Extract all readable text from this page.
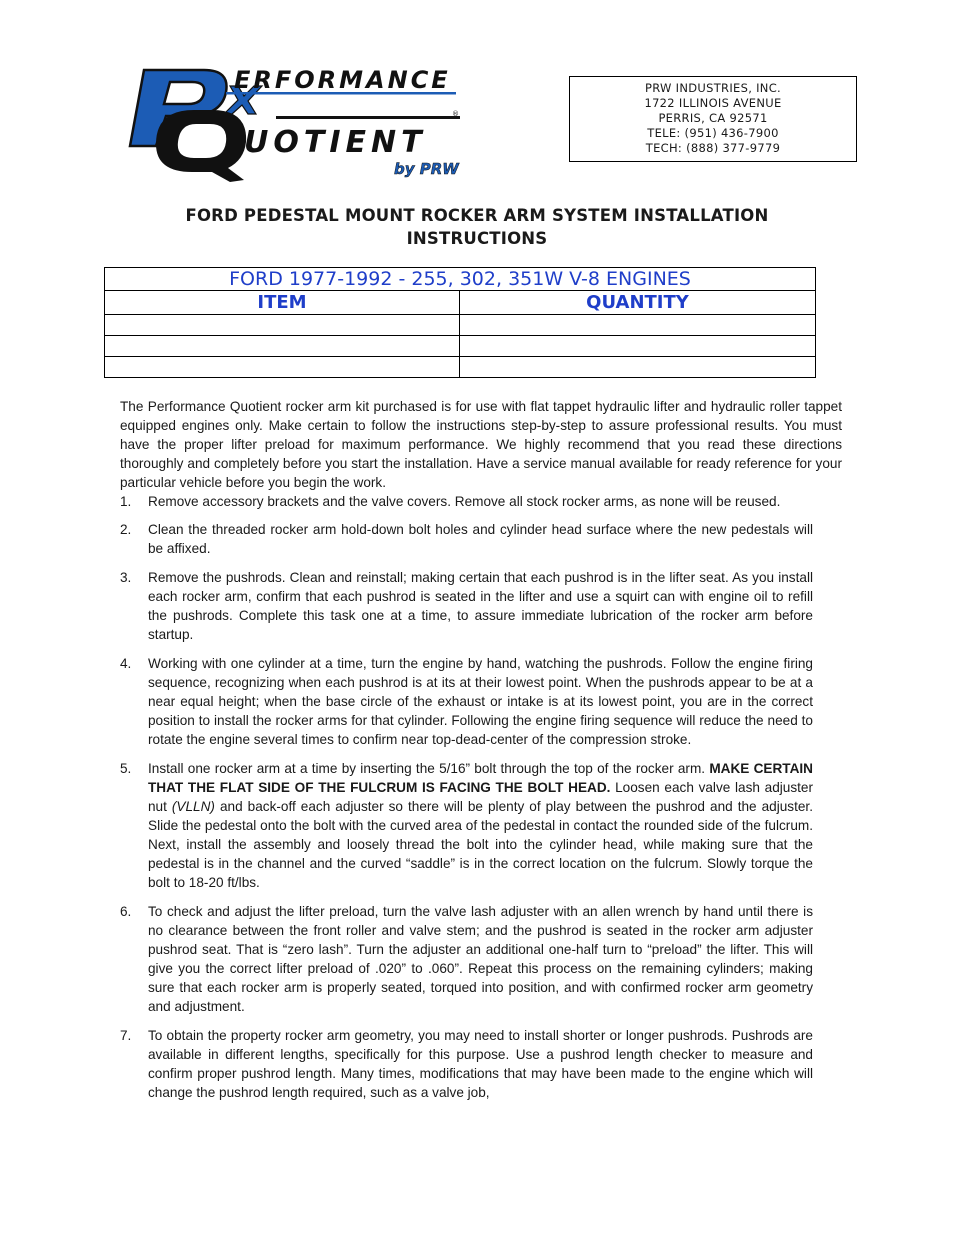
ERFORMANCE
UOTIENT
®
by PRW
PRW INDUSTRIES, INC.
1722 ILLINOIS AVENUE
PERRIS, CA 92571
TELE: (951) 436-7900
TECH: (888) 377-9779
FORD PEDESTAL MOUNT ROCKER ARM SYSTEM INSTALLATION
INSTRUCTIONS
FORD 1977-1992 - 255, 302, 351W V-8 ENGINES	
ITEM	QUANTITY

The Performance Quotient rocker arm kit purchased is for use with flat tappet hydraulic lifter and hydraulic roller tappet equipped engines only. Make certain to follow the instructions step-by-step to assure professional results. You must have the proper lifter preload for maximum performance. We highly recommend that you read these directions thoroughly and completely before you start the installation. Have a service manual available for ready reference for your particular vehicle before you begin the work.

1. Remove accessory brackets and the valve covers. Remove all stock rocker arms, as none will be reused.

2. Clean the threaded rocker arm hold-down bolt holes and cylinder head surface where the new pedestals will be affixed.

3. Remove the pushrods. Clean and reinstall; making certain that each pushrod is in the lifter seat. As you install each rocker arm, confirm that each pushrod is seated in the lifter and use a squirt can with engine oil to refill the pushrods. Complete this task one at a time, to assure immediate lubrication of the rocker arm before startup.

4. Working with one cylinder at a time, turn the engine by hand, watching the pushrods. Follow the engine firing sequence, recognizing when each pushrod is at its at their lowest point. When the pushrods appear to be at a near equal height; when the base circle of the exhaust or intake is at its lowest point, you are in the correct position to install the rocker arms for that cylinder. Following the engine firing sequence will reduce the need to rotate the engine several times to confirm near top-dead-center of the compression stroke.

5. Install one rocker arm at a time by inserting the 5/16” bolt through the top of the rocker arm. MAKE CERTAIN THAT THE FLAT SIDE OF THE FULCRUM IS FACING THE BOLT HEAD. Loosen each valve lash adjuster nut (VLLN) and back-off each adjuster so there will be plenty of play between the pushrod and the adjuster. Slide the pedestal onto the bolt with the curved area of the pedestal in contact the rounded side of the fulcrum. Next, install the assembly and loosely thread the bolt into the cylinder head, while making sure that the pedestal is in the channel and the curved “saddle” is in the correct location on the fulcrum. Slowly torque the bolt to 18-20 ft/lbs.

6. To check and adjust the lifter preload, turn the valve lash adjuster with an allen wrench by hand until there is no clearance between the front roller and valve stem; and the pushrod is seated in the rocker arm adjuster pushrod seat. That is “zero lash”. Turn the adjuster an additional one-half turn to “preload” the lifter. This will give you the correct lifter preload of .020” to .060”. Repeat this process on the remaining cylinders; making sure that each rocker arm is properly seated, torqued into position, and with confirmed rocker arm geometry and adjustment.

7. To obtain the property rocker arm geometry, you may need to install shorter or longer pushrods. Pushrods are available in different lengths, specifically for this purpose. Use a pushrod length checker to measure and confirm proper pushrod length. Many times, modifications that may have been made to the engine which will change the pushrod length required, such as a valve job,
